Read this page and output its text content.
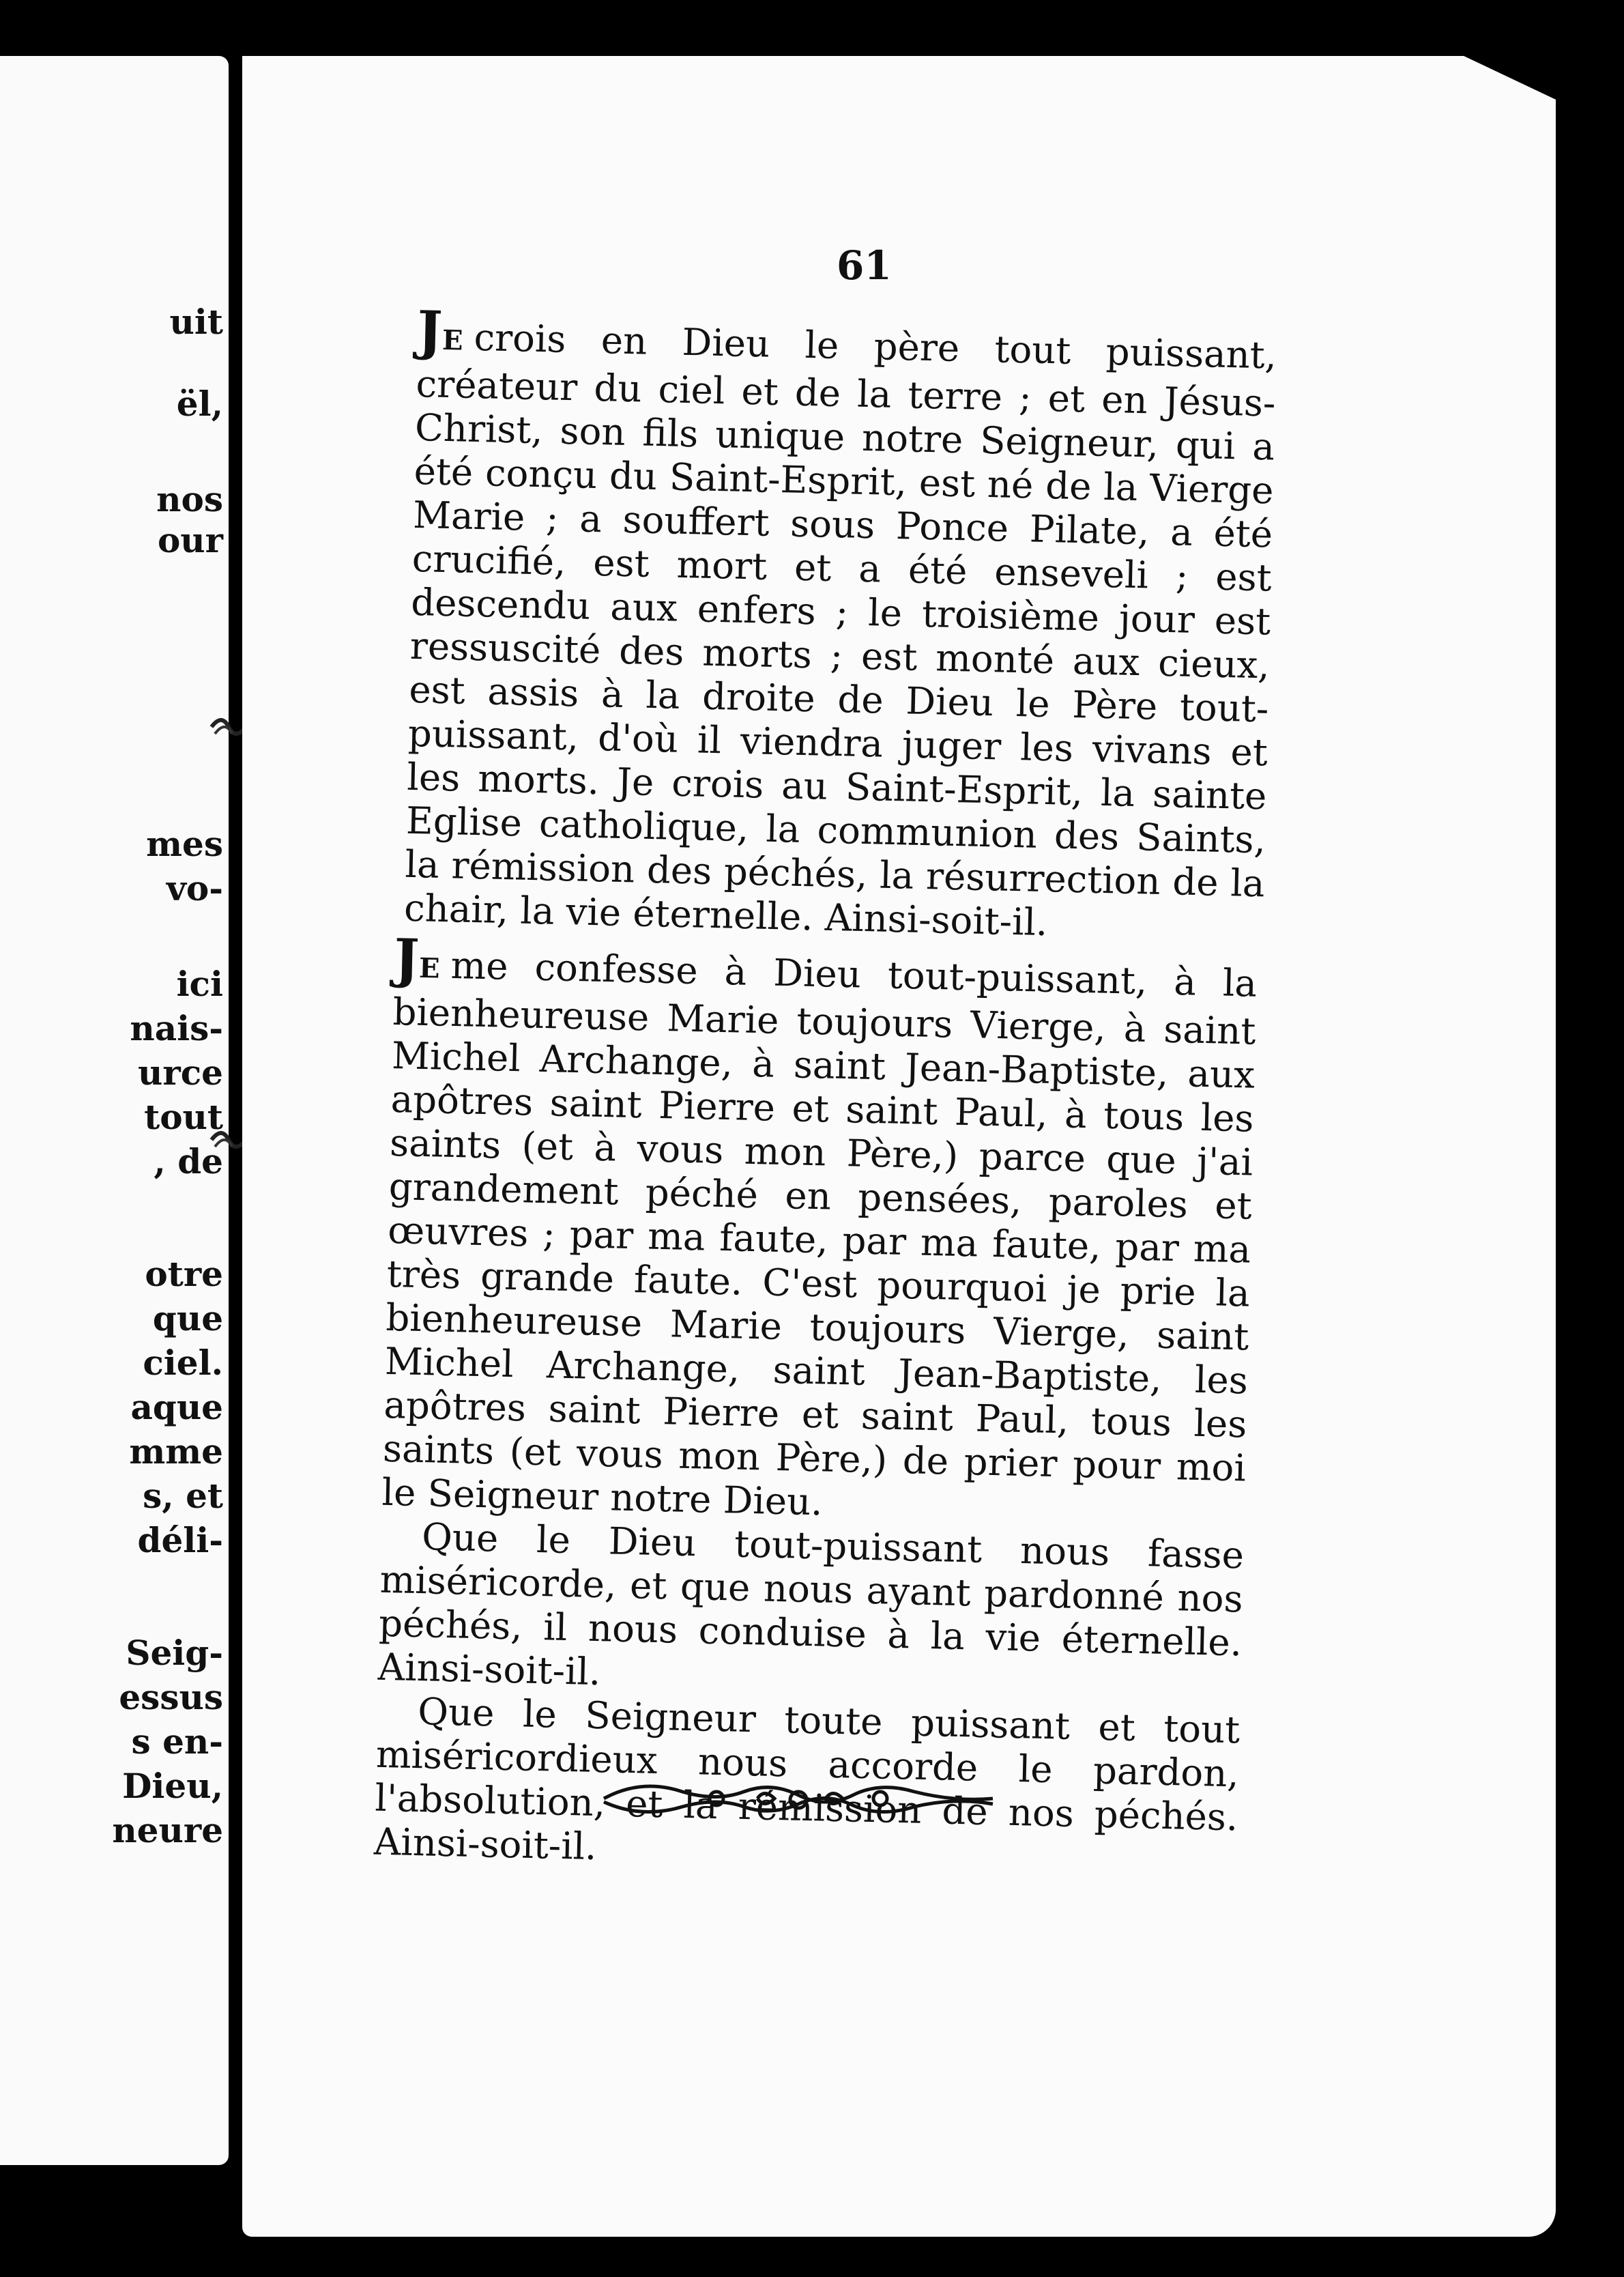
uit
ël,
nos
our
mes
vo-
ici
nais-
urce
tout
, de
otre
que
ciel.
aque
mme
s, et
déli-
Seig-
essus
s en-
Dieu,
neure
61

JE crois en Dieu le père tout puissant, créateur du ciel et de la terre ; et en Jésus-Christ, son fils unique notre Seigneur, qui a été conçu du Saint-Esprit, est né de la Vierge Marie ; a souffert sous Ponce Pilate, a été crucifié, est mort et a été enseveli ; est descendu aux enfers ; le troisième jour est ressuscité des morts ; est monté aux cieux, est assis à la droite de Dieu le Père tout-puissant, d'où il viendra juger les vivans et les morts. Je crois au Saint-Esprit, la sainte Eglise catholique, la communion des Saints, la rémission des péchés, la résurrection de la chair, la vie éternelle. Ainsi-soit-il.

JE me confesse à Dieu tout-puissant, à la bienheureuse Marie toujours Vierge, à saint Michel Archange, à saint Jean-Baptiste, aux apôtres saint Pierre et saint Paul, à tous les saints (et à vous mon Père,) parce que j'ai grandement péché en pensées, paroles et œuvres ; par ma faute, par ma faute, par ma très grande faute. C'est pourquoi je prie la bienheureuse Marie toujours Vierge, saint Michel Archange, saint Jean-Baptiste, les apôtres saint Pierre et saint Paul, tous les saints (et vous mon Père,) de prier pour moi le Seigneur notre Dieu.

Que le Dieu tout-puissant nous fasse miséricorde, et que nous ayant pardonné nos péchés, il nous conduise à la vie éternelle. Ainsi-soit-il.

Que le Seigneur toute puissant et tout miséricordieux nous accorde le pardon, l'absolution, et la rémission de nos péchés. Ainsi-soit-il.
